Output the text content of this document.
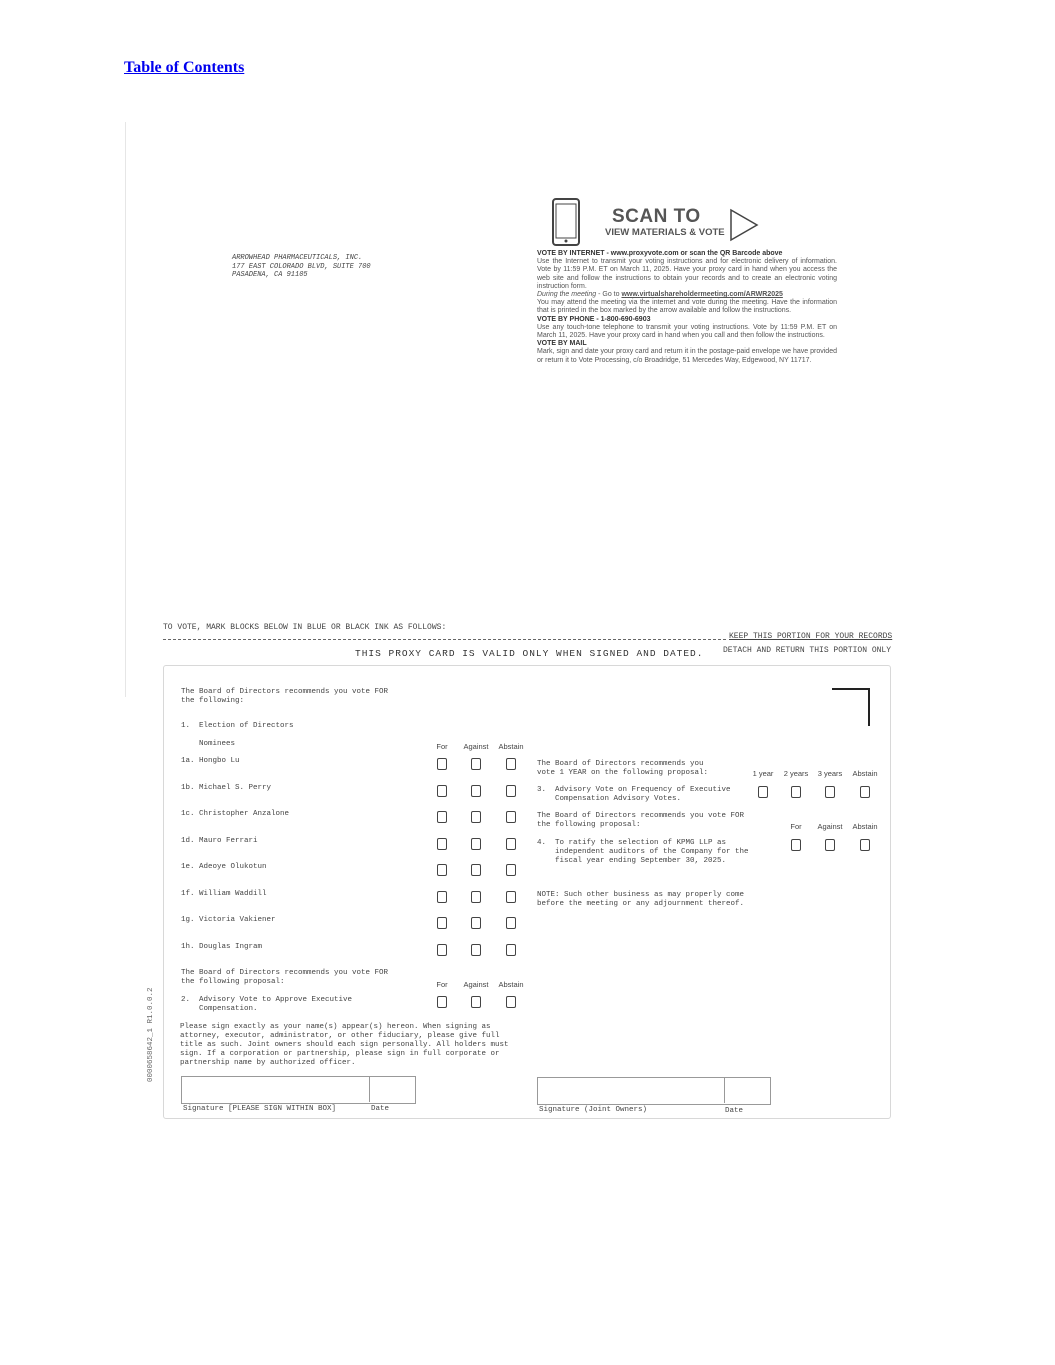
Table of Contents
SCAN TO
VIEW MATERIALS & VOTE
ARROWHEAD PHARMACEUTICALS, INC.
177 EAST COLORADO BLVD, SUITE 700
PASADENA, CA 91105
VOTE BY INTERNET - www.proxyvote.com or scan the QR Barcode above

Use the Internet to transmit your voting instructions and for electronic delivery of information. Vote by 11:59 P.M. ET on March 11, 2025. Have your proxy card in hand when you access the web site and follow the instructions to obtain your records and to create an electronic voting instruction form.

During the meeting - Go to www.virtualshareholdermeeting.com/ARWR2025

You may attend the meeting via the internet and vote during the meeting. Have the information that is printed in the box marked by the arrow available and follow the instructions.

VOTE BY PHONE - 1-800-690-6903

Use any touch-tone telephone to transmit your voting instructions. Vote by 11:59 P.M. ET on March 11, 2025. Have your proxy card in hand when you call and then follow the instructions.

VOTE BY MAIL

Mark, sign and date your proxy card and return it in the postage-paid envelope we have provided or return it to Vote Processing, c/o Broadridge, 51 Mercedes Way, Edgewood, NY 11717.

TO VOTE, MARK BLOCKS BELOW IN BLUE OR BLACK INK AS FOLLOWS:
KEEP THIS PORTION FOR YOUR RECORDS
DETACH AND RETURN THIS PORTION ONLY
THIS PROXY CARD IS VALID ONLY WHEN SIGNED AND DATED.
0000658642_1 R1.0.0.2
The Board of Directors recommends you vote FOR
the following:
1.  Election of Directors
Nominees	For	Against	Abstain
1a. Hongbo Lu
1b. Michael S. Perry
1c. Christopher Anzalone
1d. Mauro Ferrari
1e. Adeoye Olukotun
1f. William Waddill
1g. Victoria Vakiener
1h. Douglas Ingram
The Board of Directors recommends you vote FOR
the following proposal:	For	Against	Abstain
2.  Advisory Vote to Approve Executive
Compensation.
Please sign exactly as your name(s) appear(s) hereon. When signing as
attorney, executor, administrator, or other fiduciary, please give full
title as such. Joint owners should each sign personally. All holders must
sign. If a corporation or partnership, please sign in full corporate or
partnership name by authorized officer.
The Board of Directors recommends you
vote 1 YEAR on the following proposal:	1 year	2 years	3 years	Abstain
3.  Advisory Vote on Frequency of Executive
Compensation Advisory Votes.
The Board of Directors recommends you vote FOR
the following proposal:	For	Against	Abstain
4.  To ratify the selection of KPMG LLP as
independent auditors of the Company for the
fiscal year ending September 30, 2025.
NOTE: Such other business as may properly come
before the meeting or any adjournment thereof.
Signature [PLEASE SIGN WITHIN BOX]	Date	Signature (Joint Owners)	Date
